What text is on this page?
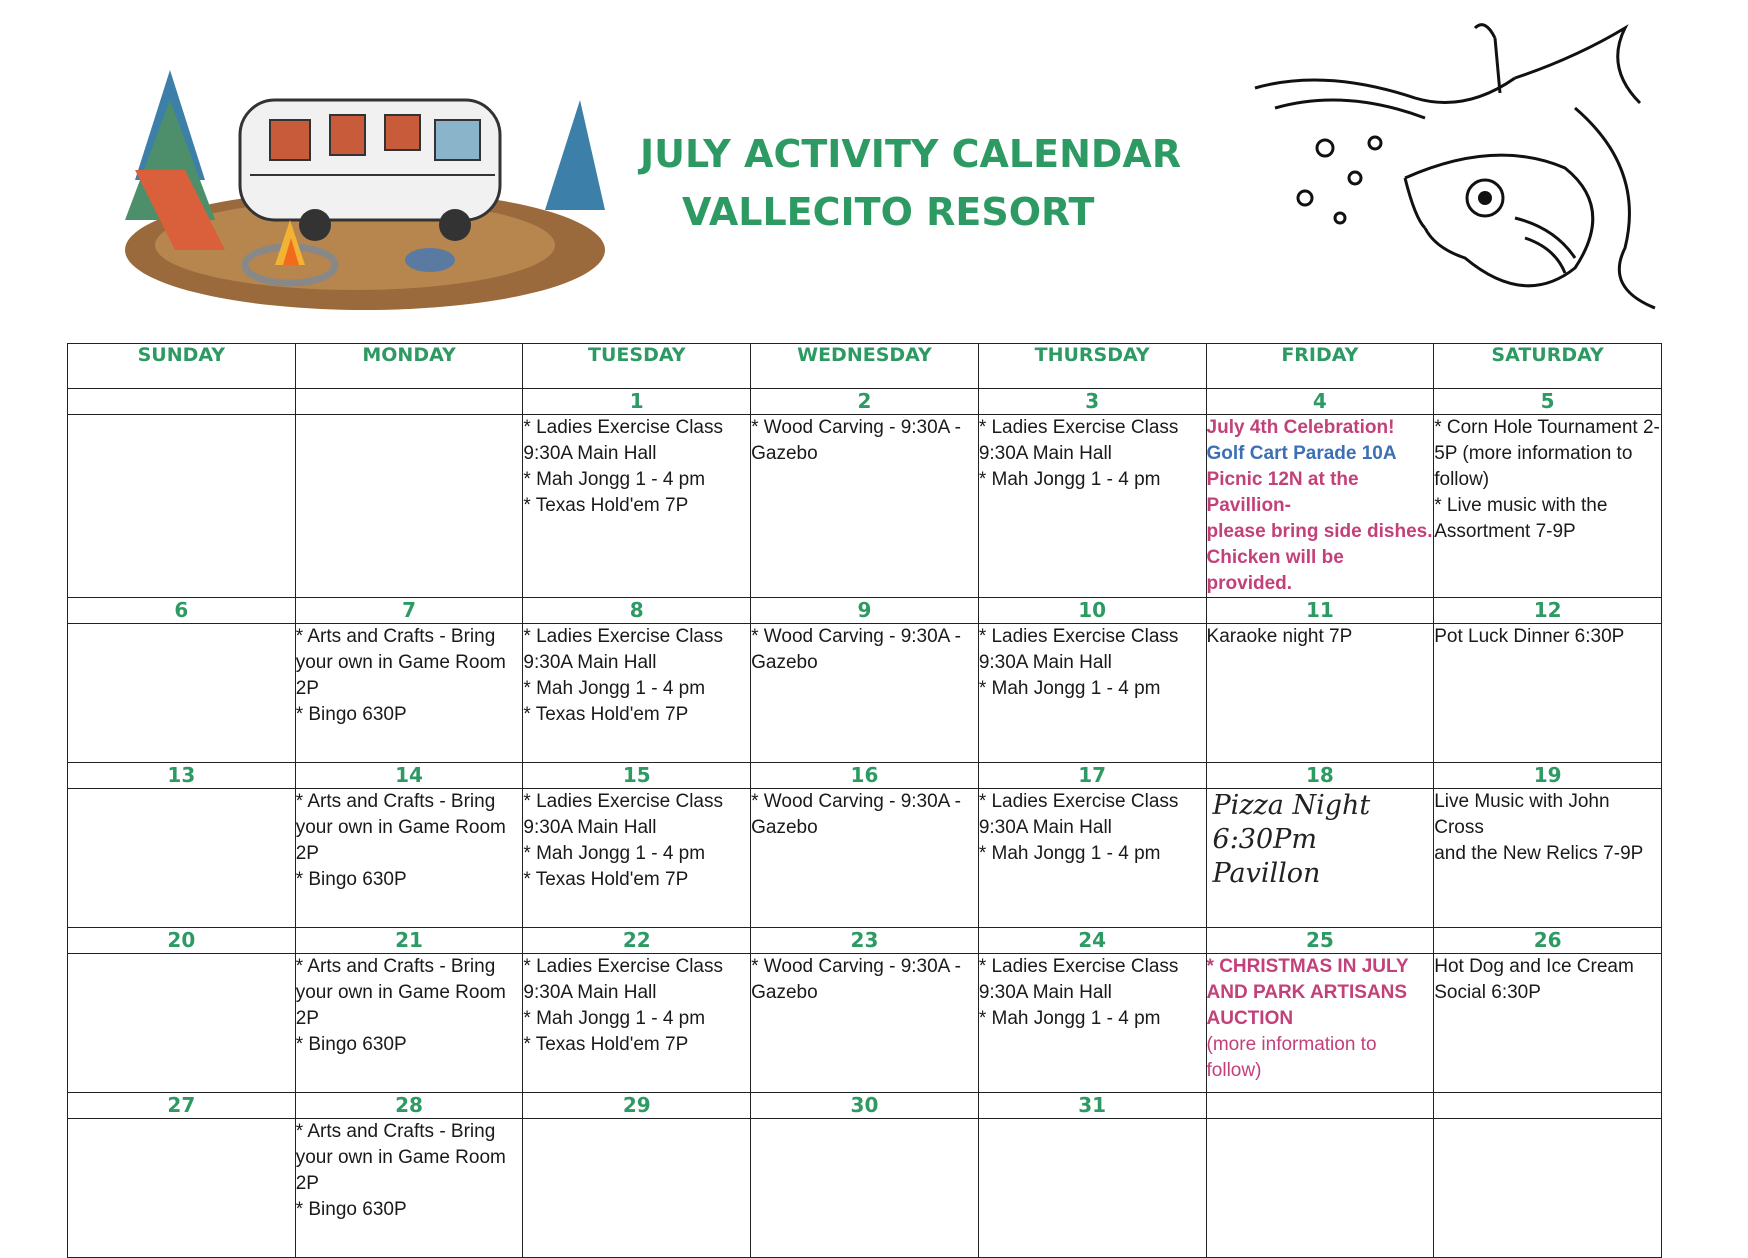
JULY ACTIVITY CALENDAR
VALLECITO RESORT
SUNDAY	MONDAY	TUESDAY	WEDNESDAY	THURSDAY	FRIDAY	SATURDAY
		1	2	3	4	5

		* Ladies Exercise Class
9:30A Main Hall
* Mah Jongg 1 - 4 pm
* Texas Hold'em 7P	* Wood Carving - 9:30A -
Gazebo	* Ladies Exercise Class
9:30A Main Hall
* Mah Jongg 1 - 4 pm	July 4th Celebration!
Golf Cart Parade 10A
Picnic 12N at the Pavillion-
please bring side dishes.
Chicken will be provided.	* Corn Hole Tournament 2-
5P (more information to
follow)
* Live music with the
Assortment 7-9P

6	7	8	9	10	11	12

	* Arts and Crafts - Bring
your own in Game Room
2P
* Bingo 630P	* Ladies Exercise Class
9:30A Main Hall
* Mah Jongg 1 - 4 pm
* Texas Hold'em 7P	* Wood Carving - 9:30A -
Gazebo	* Ladies Exercise Class
9:30A Main Hall
* Mah Jongg 1 - 4 pm	Karaoke night 7P	Pot Luck Dinner 6:30P

13	14	15	16	17	18	19

	* Arts and Crafts - Bring
your own in Game Room
2P
* Bingo 630P	* Ladies Exercise Class
9:30A Main Hall
* Mah Jongg 1 - 4 pm
* Texas Hold'em 7P	* Wood Carving - 9:30A -
Gazebo	* Ladies Exercise Class
9:30A Main Hall
* Mah Jongg 1 - 4 pm	Pizza Night
6:30Pm
Pavillon	Live Music with John Cross
and the New Relics 7-9P

20	21	22	23	24	25	26

	* Arts and Crafts - Bring
your own in Game Room
2P
* Bingo 630P	* Ladies Exercise Class
9:30A Main Hall
* Mah Jongg 1 - 4 pm
* Texas Hold'em 7P	* Wood Carving - 9:30A -
Gazebo	* Ladies Exercise Class
9:30A Main Hall
* Mah Jongg 1 - 4 pm	* CHRISTMAS IN JULY
AND PARK ARTISANS
AUCTION
(more information to
follow)	Hot Dog and Ice Cream
Social 6:30P

27	28	29	30	31		

	* Arts and Crafts - Bring
your own in Game Room
2P
* Bingo 630P					
